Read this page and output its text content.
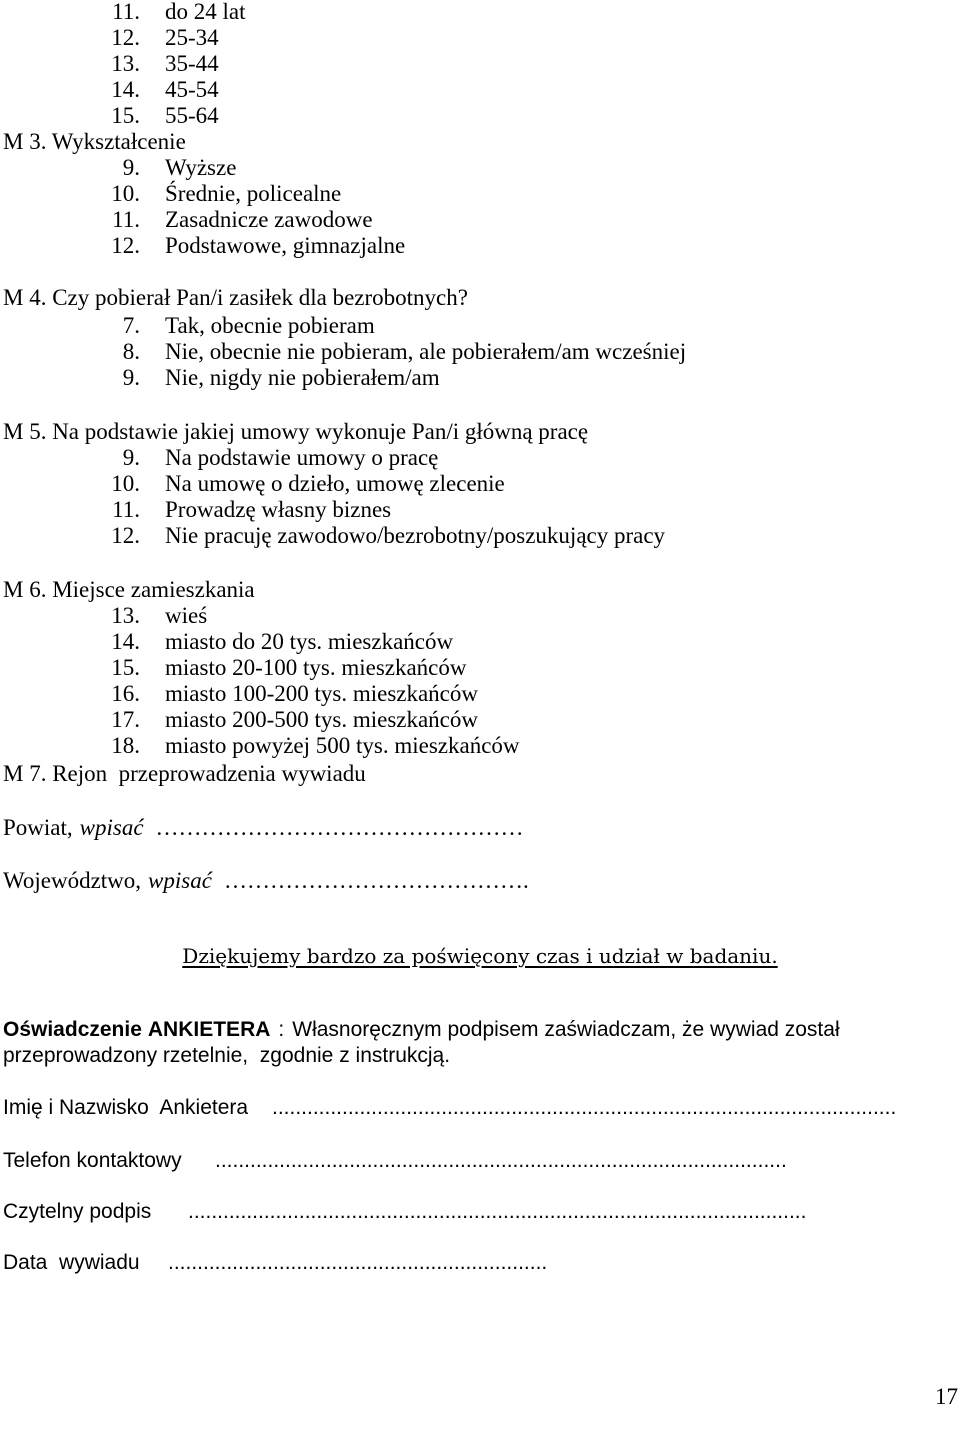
11. do 24 lat
12. 25-34
13. 35-44
14. 45-54
15. 55-64
M 3. Wykształcenie
9. Wyższe
10. Średnie, policealne
11. Zasadnicze zawodowe
12. Podstawowe, gimnazjalne
M 4. Czy pobierał Pan/i zasiłek dla bezrobotnych?
7. Tak, obecnie pobieram
8. Nie, obecnie nie pobieram, ale pobierałem/am wcześniej
9. Nie, nigdy nie pobierałem/am
M 5. Na podstawie jakiej umowy wykonuje Pan/i główną pracę
9. Na podstawie umowy o pracę
10. Na umowę o dzieło, umowę zlecenie
11. Prowadzę własny biznes
12. Nie pracuję zawodowo/bezrobotny/poszukujący pracy
M 6. Miejsce zamieszkania
13. wieś
14. miasto do 20 tys. mieszkańców
15. miasto 20-100 tys. mieszkańców
16. miasto 100-200 tys. mieszkańców
17. miasto 200-500 tys. mieszkańców
18. miasto powyżej 500 tys. mieszkańców
M 7. Rejon  przeprowadzenia wywiadu
Powiat, wpisać …………………………………………
Województwo, wpisać ………………………………….
Dziękujemy bardzo za poświęcony czas i udział w badaniu.
Oświadczenie ANKIETERA : Własnoręcznym podpisem zaświadczam, że wywiad został
przeprowadzony rzetelnie,  zgodnie z instrukcją.
Imię i Nazwisko  Ankietera ...........................................................................................................
Telefon kontaktowy ..................................................................................................
Czytelny podpis ..........................................................................................................
Data  wywiadu .................................................................
17
